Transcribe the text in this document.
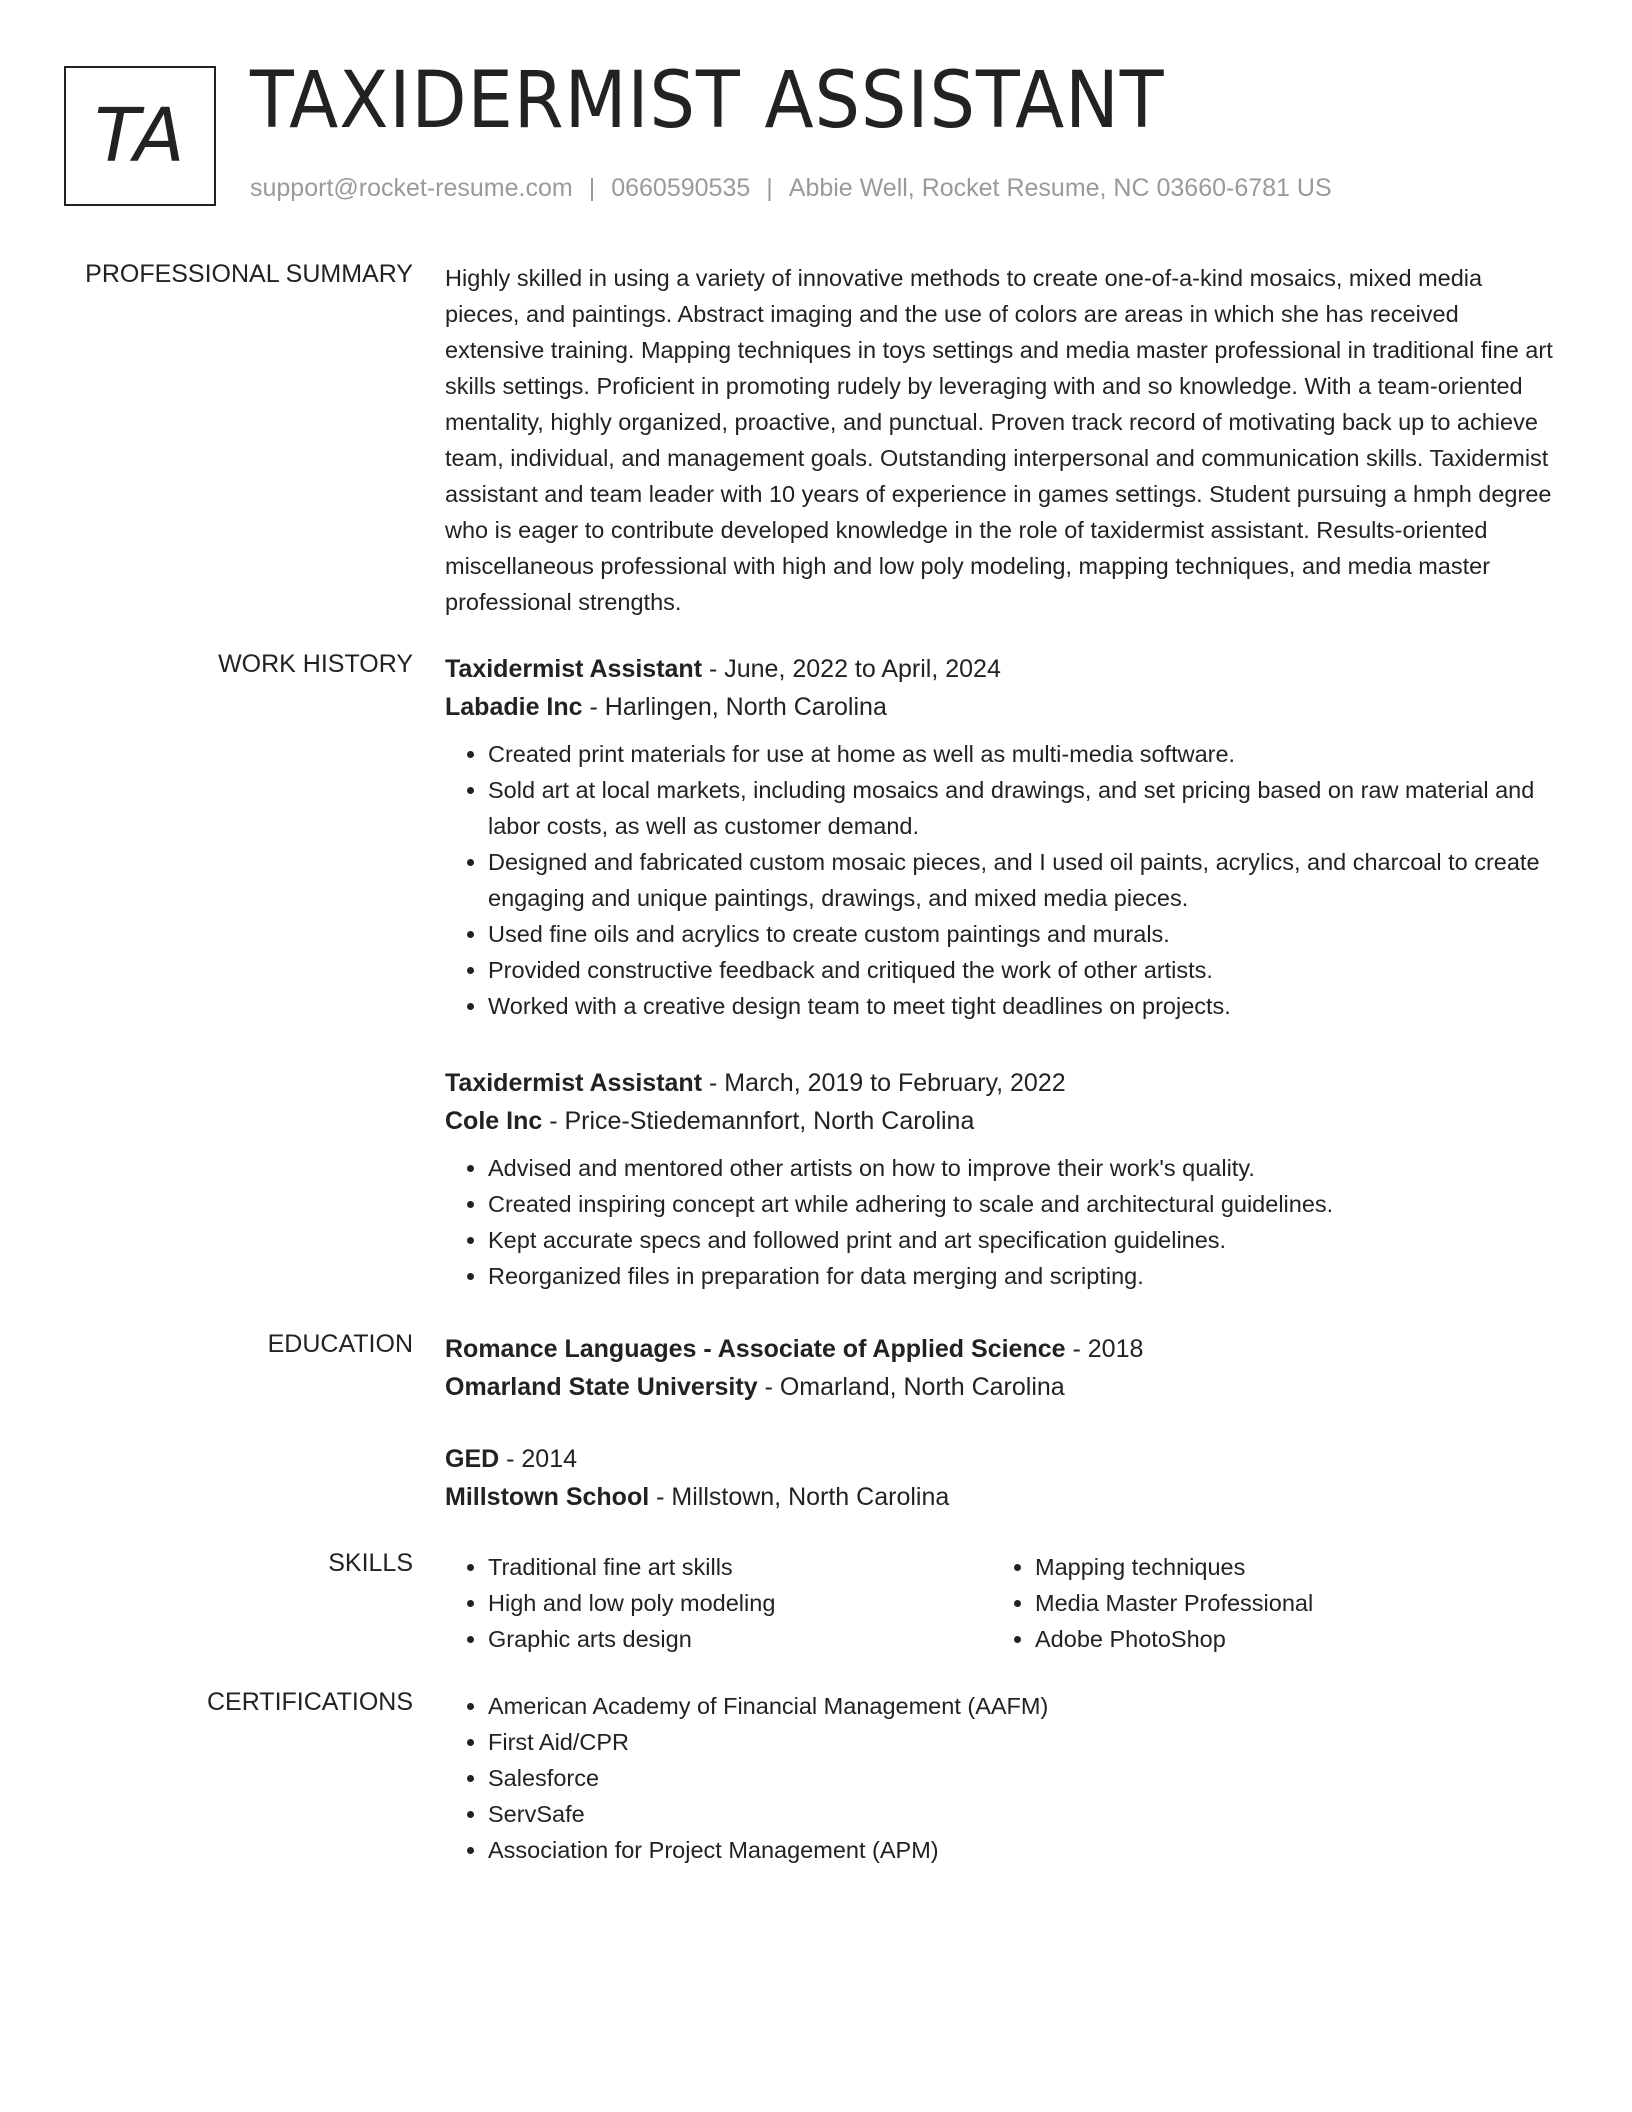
TA TAXIDERMIST ASSISTANT
support@rocket-resume.com | 0660590535 | Abbie Well, Rocket Resume, NC 03660-6781 US
PROFESSIONAL SUMMARY Highly skilled in using a variety of innovative methods to create one-of-a-kind mosaics, mixed media pieces, and paintings. Abstract imaging and the use of colors are areas in which she has received extensive training. Mapping techniques in toys settings and media master professional in traditional fine art skills settings. Proficient in promoting rudely by leveraging with and so knowledge. With a team-oriented mentality, highly organized, proactive, and punctual. Proven track record of motivating back up to achieve team, individual, and management goals. Outstanding interpersonal and communication skills. Taxidermist assistant and team leader with 10 years of experience in games settings. Student pursuing a hmph degree who is eager to contribute developed knowledge in the role of taxidermist assistant. Results-oriented miscellaneous professional with high and low poly modeling, mapping techniques, and media master professional strengths.

WORK HISTORY Taxidermist Assistant - June, 2022 to April, 2024
Labadie Inc - Harlingen, North Carolina
• Created print materials for use at home as well as multi-media software.
• Sold art at local markets, including mosaics and drawings, and set pricing based on raw material and labor costs, as well as customer demand.
• Designed and fabricated custom mosaic pieces, and I used oil paints, acrylics, and charcoal to create engaging and unique paintings, drawings, and mixed media pieces.
• Used fine oils and acrylics to create custom paintings and murals.
• Provided constructive feedback and critiqued the work of other artists.
• Worked with a creative design team to meet tight deadlines on projects.
Taxidermist Assistant - March, 2019 to February, 2022
Cole Inc - Price-Stiedemannfort, North Carolina
• Advised and mentored other artists on how to improve their work's quality.
• Created inspiring concept art while adhering to scale and architectural guidelines.
• Kept accurate specs and followed print and art specification guidelines.
• Reorganized files in preparation for data merging and scripting.
EDUCATION Romance Languages - Associate of Applied Science - 2018
Omarland State University - Omarland, North Carolina
GED - 2014
Millstown School - Millstown, North Carolina
SKILLS	• Traditional fine art skills
• High and low poly modeling
• Graphic arts design
• Mapping techniques
• Media Master Professional
• Adobe PhotoShop
CERTIFICATIONS	• American Academy of Financial Management (AAFM)
• First Aid/CPR
• Salesforce
• ServSafe
• Association for Project Management (APM)
